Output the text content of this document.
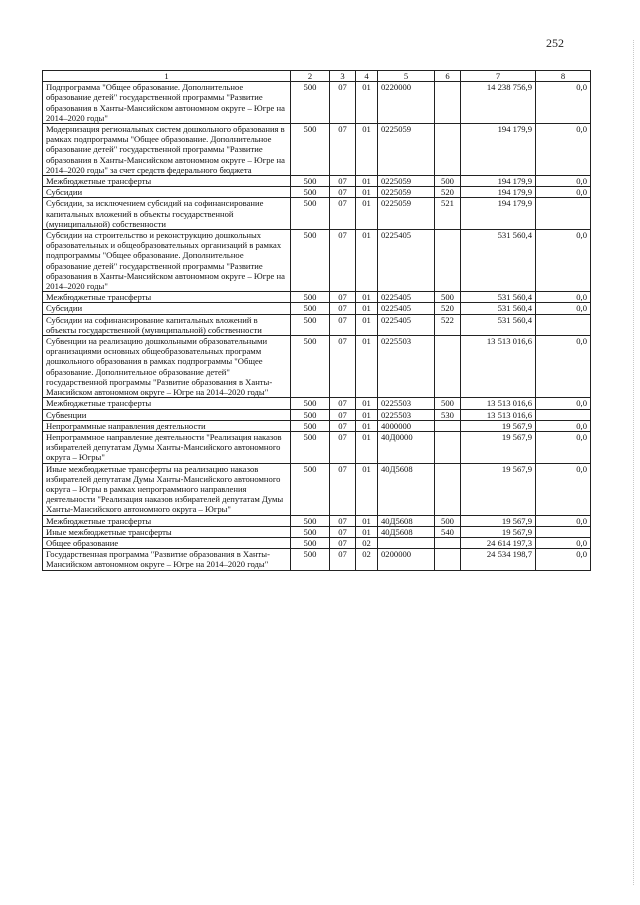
252
1	2	3	4	5	6	7	8
Подпрограмма "Общее образование. Дополнительное образование детей" государственной программы "Развитие образования в Ханты-Мансийском автономном округе – Югре на 2014–2020 годы"	500	07	01	0220000		14 238 756,9	0,0
Модернизация региональных систем дошкольного образования в рамках подпрограммы "Общее образование. Дополнительное образование детей" государственной программы "Развитие образования в Ханты-Мансийском автономном округе – Югре на 2014–2020 годы" за счет средств федерального бюджета	500	07	01	0225059		194 179,9	0,0
Межбюджетные трансферты	500	07	01	0225059	500	194 179,9	0,0
Субсидии	500	07	01	0225059	520	194 179,9	0,0
Субсидии, за исключением субсидий на софинансирование капитальных вложений в объекты государственной (муниципальной) собственности	500	07	01	0225059	521	194 179,9	
Субсидии на строительство и реконструкцию дошкольных образовательных и общеобразовательных организаций в рамках подпрограммы "Общее образование. Дополнительное образование детей" государственной программы "Развитие образования в Ханты-Мансийском автономном округе – Югре на 2014–2020 годы"	500	07	01	0225405		531 560,4	0,0
Межбюджетные трансферты	500	07	01	0225405	500	531 560,4	0,0
Субсидии	500	07	01	0225405	520	531 560,4	0,0
Субсидии на софинансирование капитальных вложений в объекты государственной (муниципальной) собственности	500	07	01	0225405	522	531 560,4	
Субвенции на реализацию дошкольными образовательными организациями основных общеобразовательных программ дошкольного образования в рамках подпрограммы "Общее образование. Дополнительное образование детей" государственной программы "Развитие образования в Ханты-Мансийском автономном округе – Югре на 2014–2020 годы"	500	07	01	0225503		13 513 016,6	0,0
Межбюджетные трансферты	500	07	01	0225503	500	13 513 016,6	0,0
Субвенции	500	07	01	0225503	530	13 513 016,6	
Непрограммные направления деятельности	500	07	01	4000000		19 567,9	0,0
Непрограммное направление деятельности "Реализация наказов избирателей депутатам Думы Ханты-Мансийского автономного округа – Югры"	500	07	01	40Д0000		19 567,9	0,0
Иные межбюджетные трансферты на реализацию наказов избирателей депутатам Думы Ханты-Мансийского автономного округа – Югры в рамках непрограммного направления деятельности "Реализация наказов избирателей депутатам Думы Ханты-Мансийского автономного округа – Югры"	500	07	01	40Д5608		19 567,9	0,0
Межбюджетные трансферты	500	07	01	40Д5608	500	19 567,9	0,0
Иные межбюджетные трансферты	500	07	01	40Д5608	540	19 567,9	
Общее образование	500	07	02			24 614 197,3	0,0
Государственная программа "Развитие образования в Ханты-Мансийском автономном округе – Югре на 2014–2020 годы"	500	07	02	0200000		24 534 198,7	0,0
